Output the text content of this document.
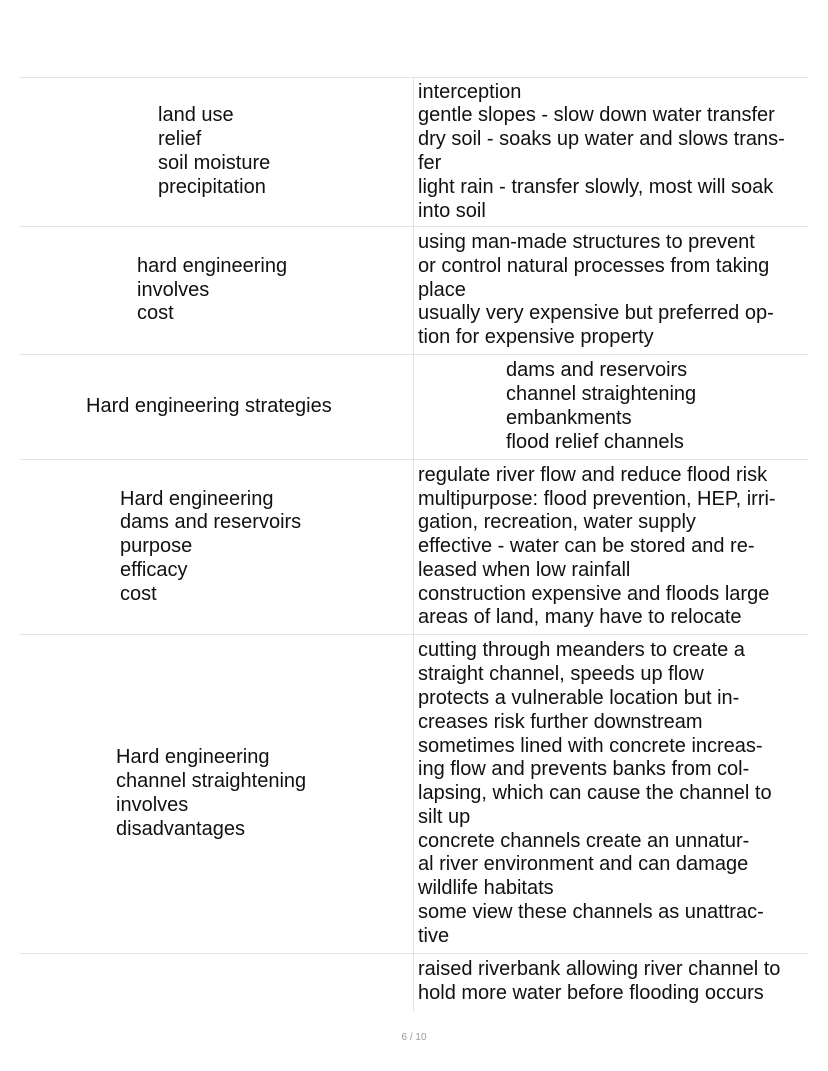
land use
relief
soil moisture
precipitation
interception
gentle slopes - slow down water transfer
dry soil - soaks up water and slows trans-
fer
light rain - transfer slowly, most will soak
into soil
hard engineering
involves
cost
using man-made structures to prevent
or control natural processes from taking
place
usually very expensive but preferred op-
tion for expensive property
Hard engineering strategies
dams and reservoirs
channel straightening
embankments
flood relief channels
Hard engineering
dams and reservoirs
purpose
efficacy
cost
regulate river flow and reduce flood risk
multipurpose: flood prevention, HEP, irri-
gation, recreation, water supply
effective - water can be stored and re-
leased when low rainfall
construction expensive and floods large
areas of land, many have to relocate
Hard engineering
channel straightening
involves
disadvantages
cutting through meanders to create a
straight channel, speeds up flow
protects a vulnerable location but in-
creases risk further downstream
sometimes lined with concrete increas-
ing flow and prevents banks from col-
lapsing, which can cause the channel to
silt up
concrete channels create an unnatur-
al river environment and can damage
wildlife habitats
some view these channels as unattrac-
tive
raised riverbank allowing river channel to
hold more water before flooding occurs
6 / 10
